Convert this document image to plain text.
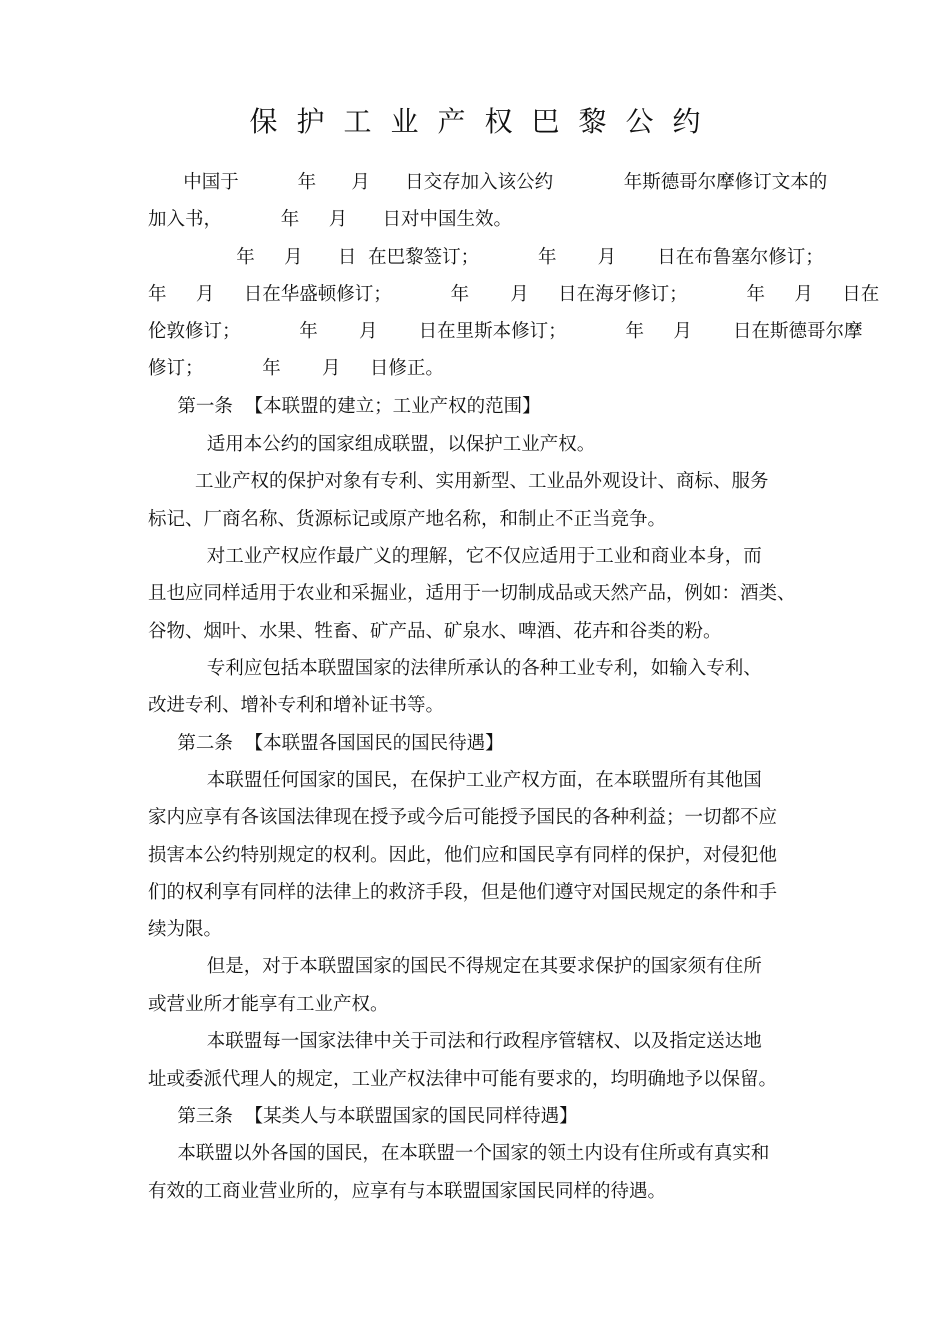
保护工业产权巴黎公约
中国于          年      月      日交存加入该公约            年斯德哥尔摩修订文本的
加入书，          年     月      日对中国生效。
年     月      日  在巴黎签订；          年       月       日在布鲁塞尔修订；
年     月     日在华盛顿修订；          年       月     日在海牙修订；          年     月     日在
伦敦修订；          年       月       日在里斯本修订；          年     月       日在斯德哥尔摩
修订；          年       月     日修正。
第一条  【本联盟的建立；工业产权的范围】
适用本公约的国家组成联盟，以保护工业产权。
工业产权的保护对象有专利、实用新型、工业品外观设计、商标、服务
标记、厂商名称、货源标记或原产地名称，和制止不正当竞争。
对工业产权应作最广义的理解，它不仅应适用于工业和商业本身，而
且也应同样适用于农业和采掘业，适用于一切制成品或天然产品，例如：酒类、
谷物、烟叶、水果、牲畜、矿产品、矿泉水、啤酒、花卉和谷类的粉。
专利应包括本联盟国家的法律所承认的各种工业专利，如输入专利、
改进专利、增补专利和增补证书等。
第二条  【本联盟各国国民的国民待遇】
本联盟任何国家的国民，在保护工业产权方面，在本联盟所有其他国
家内应享有各该国法律现在授予或今后可能授予国民的各种利益；一切都不应
损害本公约特别规定的权利。因此，他们应和国民享有同样的保护，对侵犯他
们的权利享有同样的法律上的救济手段，但是他们遵守对国民规定的条件和手
续为限。
但是，对于本联盟国家的国民不得规定在其要求保护的国家须有住所
或营业所才能享有工业产权。
本联盟每一国家法律中关于司法和行政程序管辖权、以及指定送达地
址或委派代理人的规定，工业产权法律中可能有要求的，均明确地予以保留。
第三条  【某类人与本联盟国家的国民同样待遇】
本联盟以外各国的国民，在本联盟一个国家的领土内设有住所或有真实和
有效的工商业营业所的，应享有与本联盟国家国民同样的待遇。
